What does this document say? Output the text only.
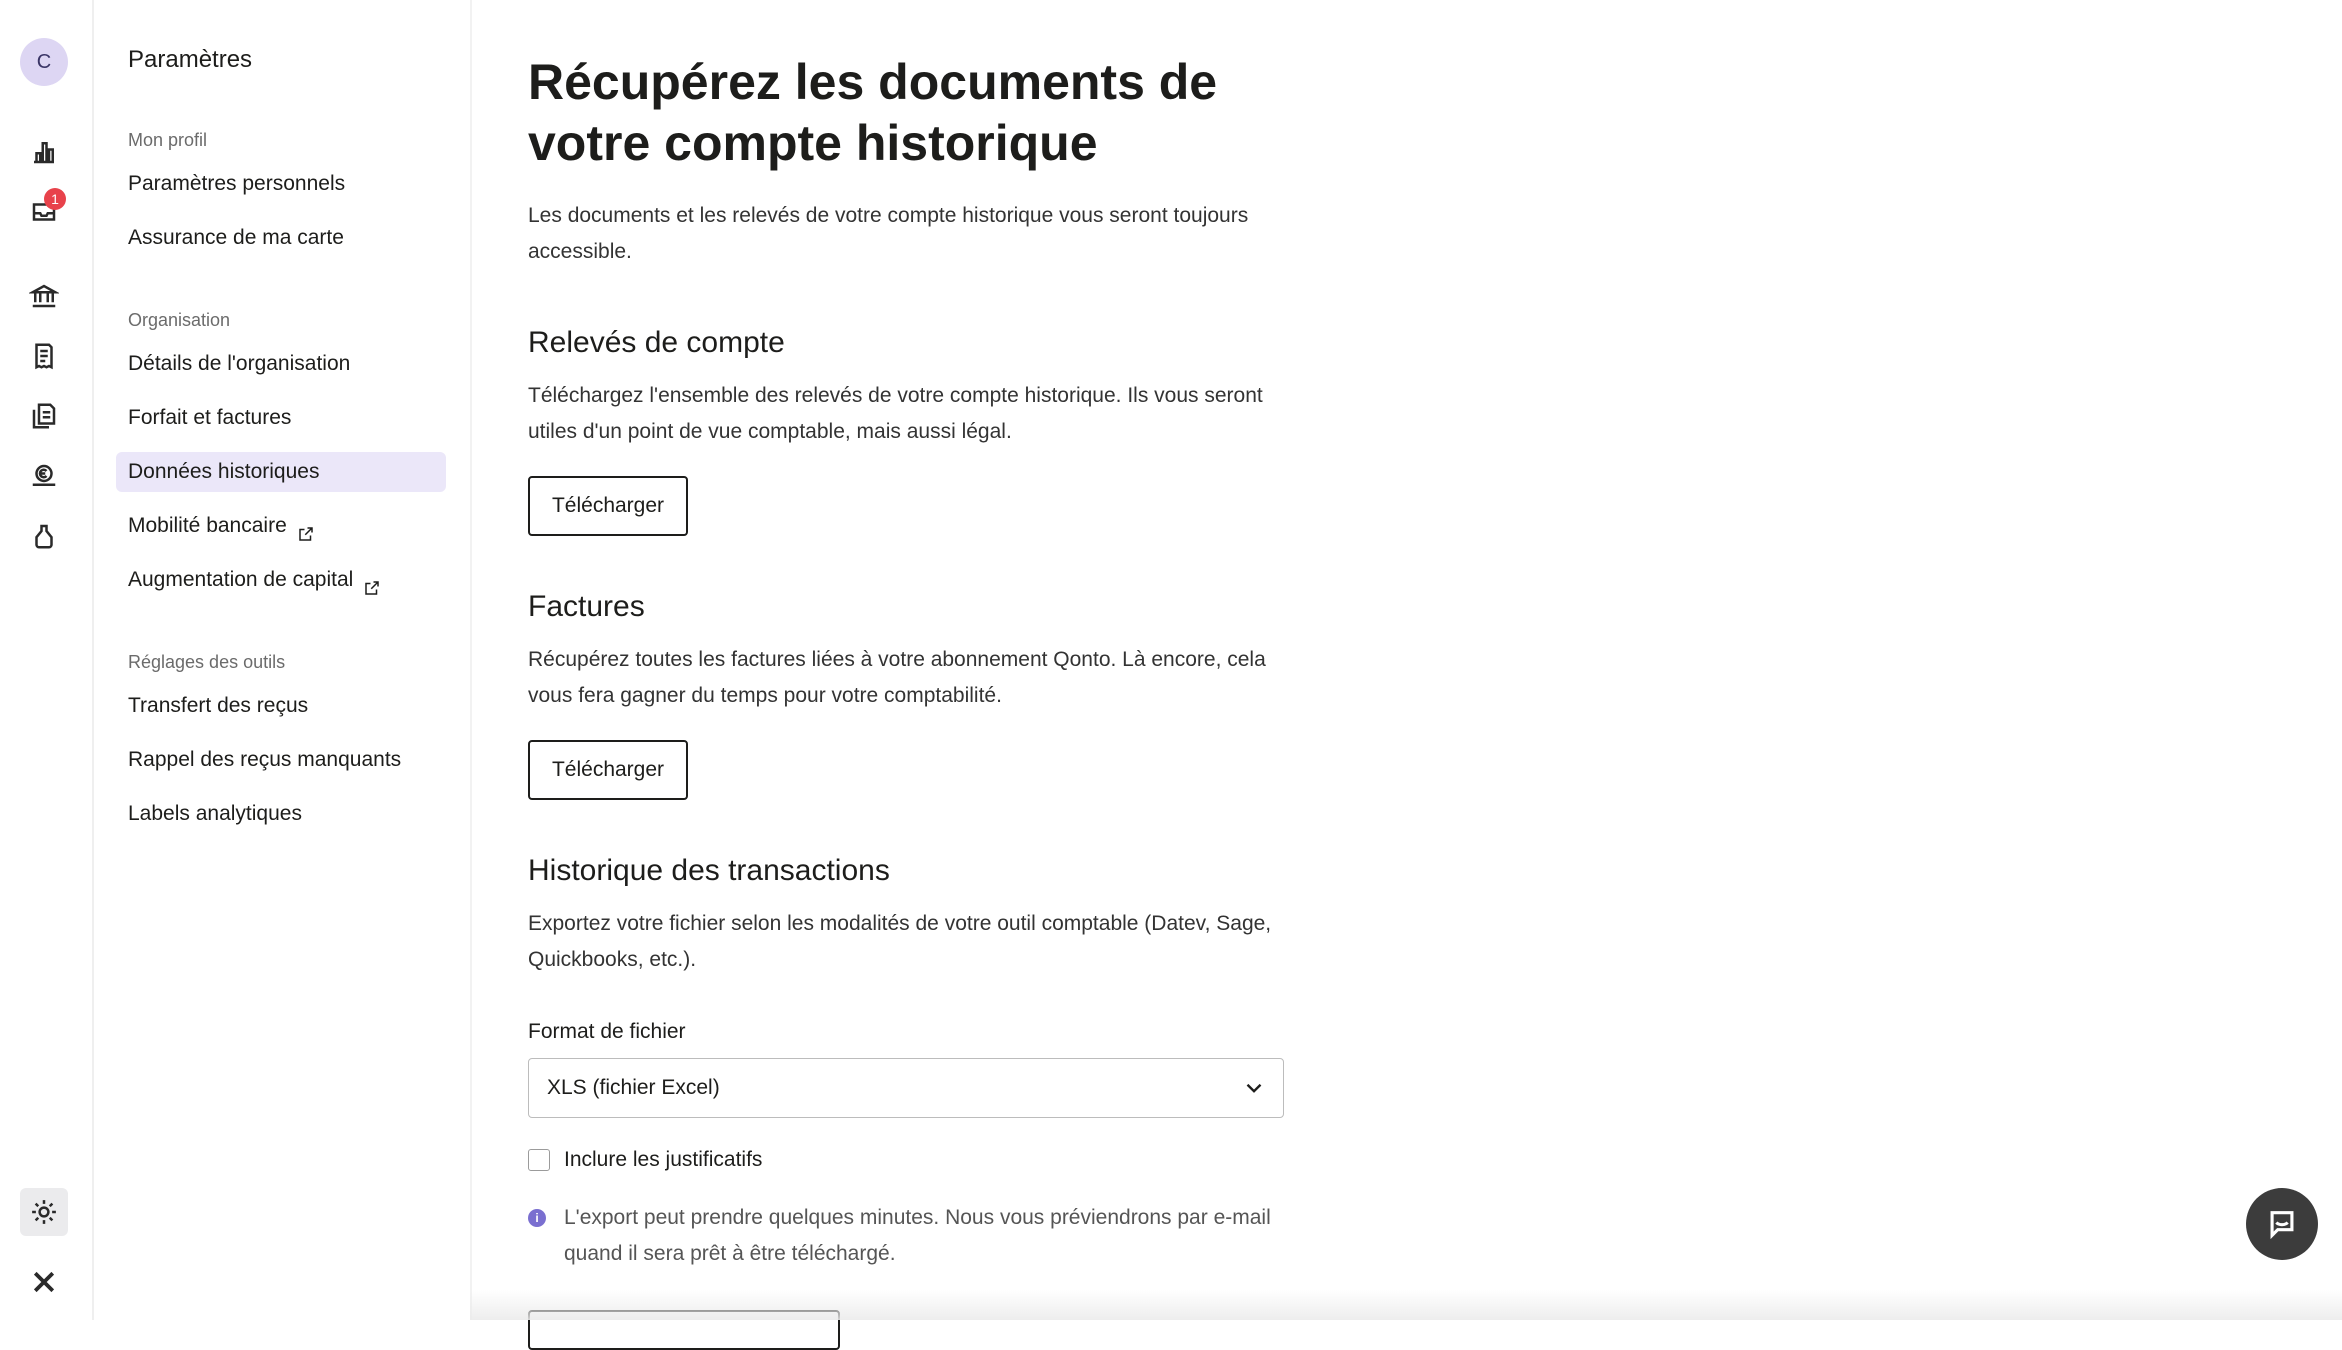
C
1
Paramètres
Mon profil
Paramètres personnels
Assurance de ma carte
Organisation
Détails de l'organisation
Forfait et factures
Données historiques
Mobilité bancaire
Augmentation de capital
Réglages des outils
Transfert des reçus
Rappel des reçus manquants
Labels analytiques
Récupérez les documents de votre compte historique

Les documents et les relevés de votre compte historique vous seront toujours accessible.

Relevés de compte

Téléchargez l'ensemble des relevés de votre compte historique. Ils vous seront utiles d'un point de vue comptable, mais aussi légal.

Télécharger
Factures

Récupérez toutes les factures liées à votre abonnement Qonto. Là encore, cela vous fera gagner du temps pour votre comptabilité.

Télécharger
Historique des transactions

Exportez votre fichier selon les modalités de votre outil comptable (Datev, Sage, Quickbooks, etc.).

Format de fichier
XLS (fichier Excel)
Inclure les justificatifs
i	L'export peut prendre quelques minutes. Nous vous préviendrons par e-mail quand il sera prêt à être téléchargé.
